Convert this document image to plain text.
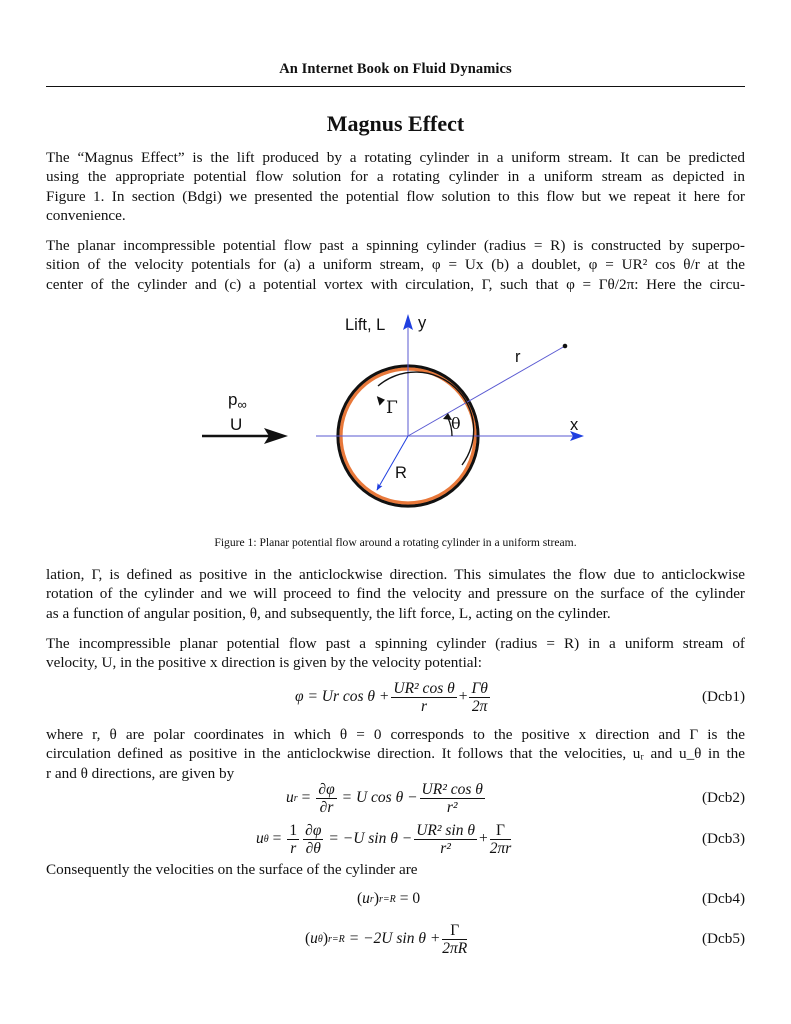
An Internet Book on Fluid Dynamics
Magnus Effect
The “Magnus Effect” is the lift produced by a rotating cylinder in a uniform stream. It can be predicted
using the appropriate potential flow solution for a rotating cylinder in a uniform stream as depicted in
Figure 1. In section (Bdgi) we presented the potential flow solution to this flow but we repeat it here for
convenience.
The planar incompressible potential flow past a spinning cylinder (radius = R) is constructed by superpo-
sition of the velocity potentials for (a) a uniform stream, φ = Ux (b) a doublet, φ = UR² cos θ/r at the
center of the cylinder and (c) a potential vortex with circulation, Γ, such that φ = Γθ/2π: Here the circu-
Lift, L y
x
r
R
Γ
θ
$p_\infty$
U
Figure 1: Planar potential flow around a rotating cylinder in a uniform stream.
lation, Γ, is defined as positive in the anticlockwise direction. This simulates the flow due to anticlockwise
rotation of the cylinder and we will proceed to find the velocity and pressure on the surface of the cylinder
as a function of angular position, θ, and subsequently, the lift force, L, acting on the cylinder.
The incompressible planar potential flow past a spinning cylinder (radius = R) in a uniform stream of
velocity, U, in the positive x direction is given by the velocity potential:
φ = Ur $\cos \theta + \frac{\text{UR² cos θ}}{r} + \frac{\Gamma\theta}{2\pi}$	(Dcb1)
where r, θ are polar coordinates in which θ = 0 corresponds to the positive x direction and Γ is the
circulation defined as positive in the anticlockwise direction. It follows that the velocities, uᵣ and u_θ in the
r and θ directions, are given by
u $r = \frac{\partial\varphi}{\partial r} = U$ $\cos \theta - \frac{\text{UR² cos θ}}{\text{r²}}$	(Dcb2)
u $\theta = \frac{1}{r} \frac{\partial\varphi}{\partial\theta} = -U$ $\sin \theta - \frac{\text{UR² sin θ}}{\text{r²}} + \frac{\Gamma}{2\pi r}$	(Dcb3)
Consequently the velocities on the surface of the cylinder are
( u r ) r=R = 0	(Dcb4)
( u θ ) r=R = −2U $\sin \theta + \frac{\Gamma}{2\pi R}$	(Dcb5)
